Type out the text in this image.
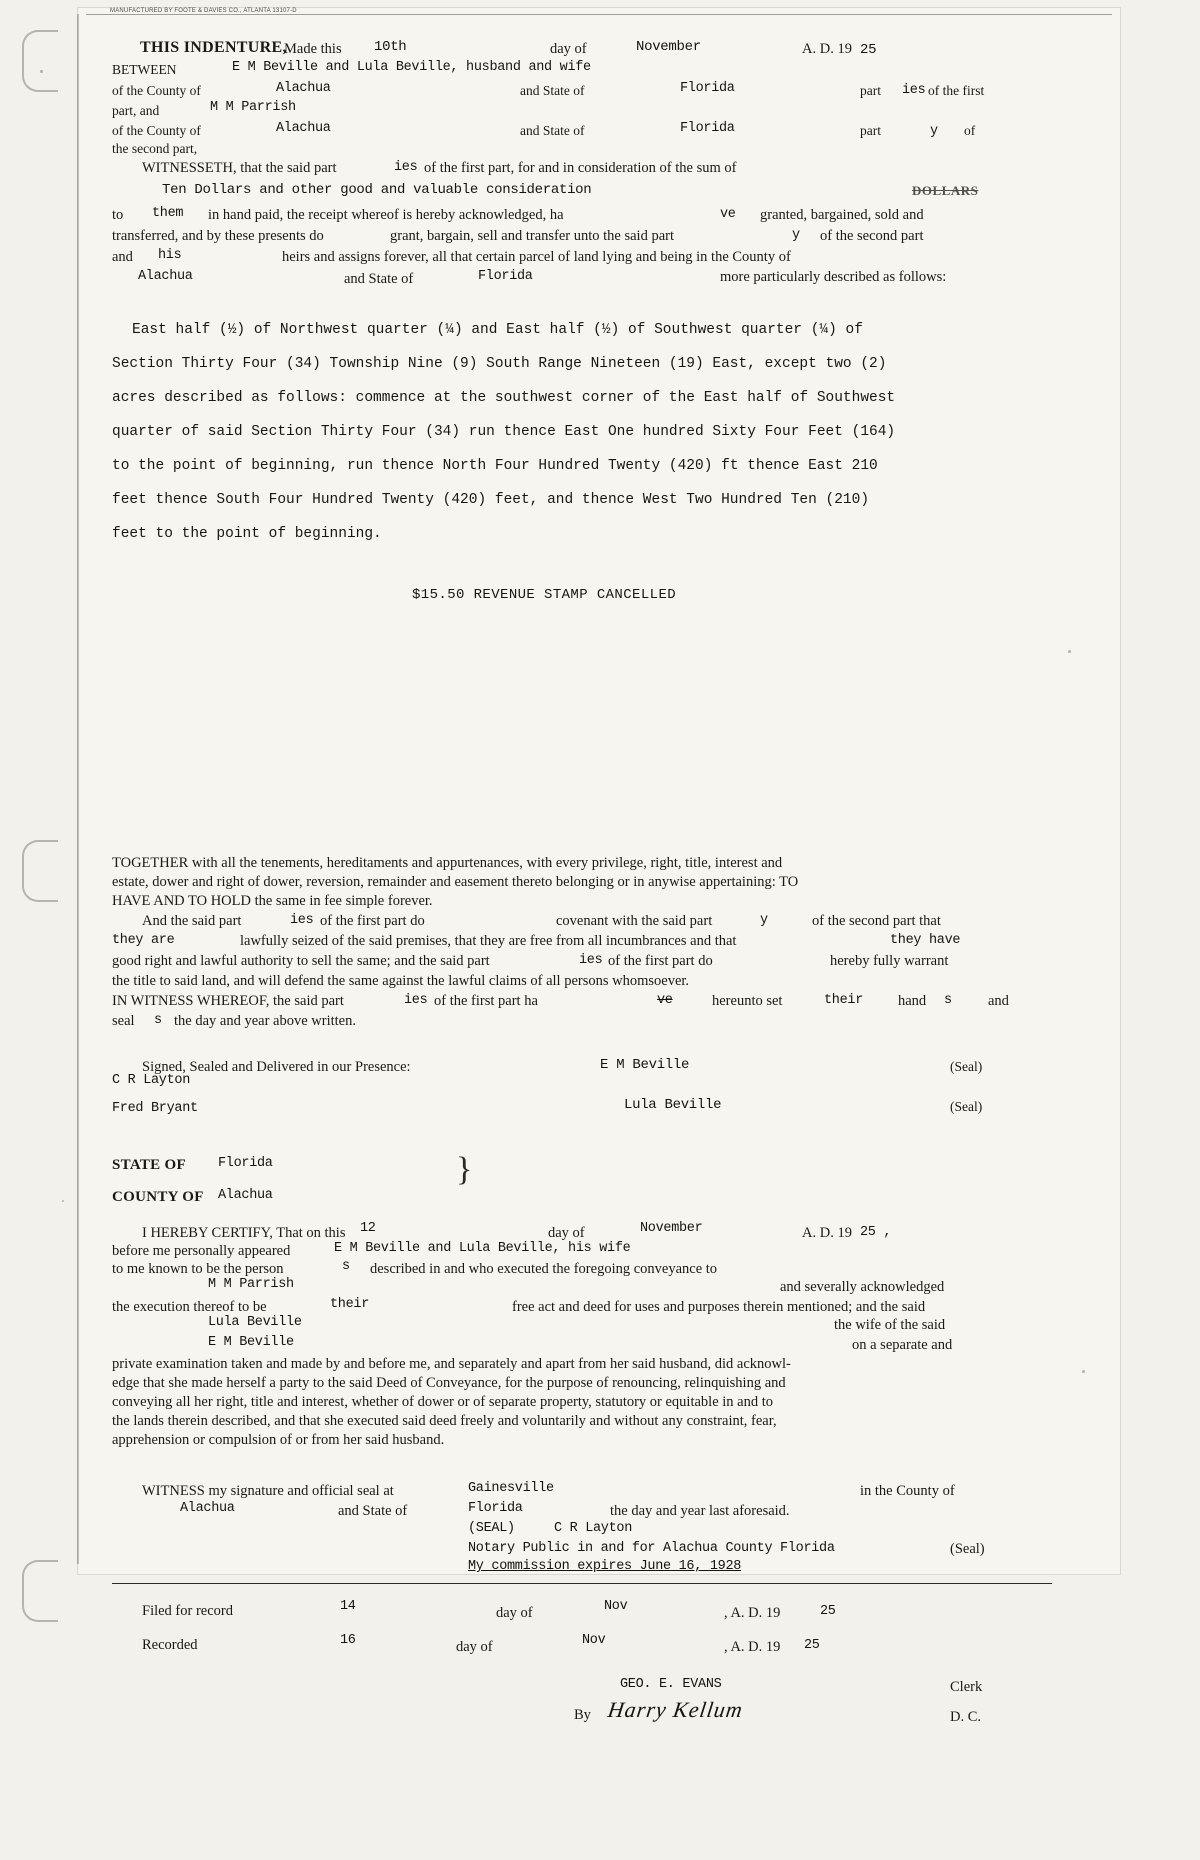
MANUFACTURED BY FOOTE & DAVIES CO., ATLANTA 13107-D
THIS INDENTURE,
Made this 10th	day of	November	A. D. 19 25
BETWEEN	E M Beville and Lula Beville, husband and wife
of the County of	Alachua	and State of	Florida	part ies of the first
part, and	M M Parrish
of the County of	Alachua	and State of	Florida	part	y of
the second part,
WITNESSETH, that the said part	ies of the first part, for and in consideration of the sum of
Ten Dollars and other good and valuable consideration	DOLLARS
to them in hand paid, the receipt whereof is hereby acknowledged, ha	ve granted, bargained, sold and
transferred, and by these presents do	grant, bargain, sell and transfer unto the said part	y of the second part
and his	heirs and assigns forever, all that certain parcel of land lying and being in the County of
Alachua	and State of	Florida	more particularly described as follows:
East half (½) of Northwest quarter (¼) and East half (½) of Southwest quarter (¼) of
Section Thirty Four (34) Township Nine (9) South Range Nineteen (19) East, except two (2)
acres described as follows: commence at the southwest corner of the East half of Southwest
quarter of said Section Thirty Four (34) run thence East One hundred Sixty Four Feet (164)
to the point of beginning, run thence North Four Hundred Twenty (420) ft thence East 210
feet thence South Four Hundred Twenty (420) feet, and thence West Two Hundred Ten (210)
feet to the point of beginning.
$15.50 REVENUE STAMP CANCELLED
TOGETHER with all the tenements, hereditaments and appurtenances, with every privilege, right, title, interest and
estate, dower and right of dower, reversion, remainder and easement thereto belonging or in anywise appertaining: TO
HAVE AND TO HOLD the same in fee simple forever.
And the said part	ies of the first part do	covenant with the said part	y	of the second part that
they are	lawfully seized of the said premises, that they are free from all incumbrances and that	they have
good right and lawful authority to sell the same; and the said part	ies of the first part do	hereby fully warrant
the title to said land, and will defend the same against the lawful claims of all persons whomsoever.
IN WITNESS WHEREOF, the said part	ies of the first part ha	ve	hereunto set	their hand s and
seal s the day and year above written.
Signed, Sealed and Delivered in our Presence:
C R Layton
Fred Bryant
E M Beville	(Seal)
Lula Beville	(Seal)
STATE OF Florida
COUNTY OF Alachua
}
I HEREBY CERTIFY, That on this 12	day of	November	A. D. 19 25 ,
before me personally appeared	E M Beville and Lula Beville, his wife
to me known to be the person	s described in and who executed the foregoing conveyance to
M M Parrish	and severally acknowledged
the execution thereof to be	their	free act and deed for uses and purposes therein mentioned; and the said
Lula Beville	the wife of the said
E M Beville	on a separate and
private examination taken and made by and before me, and separately and apart from her said husband, did acknowl-
edge that she made herself a party to the said Deed of Conveyance, for the purpose of renouncing, relinquishing and
conveying all her right, title and interest, whether of dower or of separate property, statutory or equitable in and to
the lands therein described, and that she executed said deed freely and voluntarily and without any constraint, fear,
apprehension or compulsion of or from her said husband.
WITNESS my signature and official seal at	Gainesville	in the County of
Alachua	and State of	Florida	the day and year last aforesaid.
(SEAL)	C R Layton
Notary Public in and for Alachua County Florida	(Seal)
My commission expires June 16, 1928
Filed for record	14	day of	Nov	, A. D. 19	25
Recorded	16	day of	Nov	, A. D. 19 25
GEO. E. EVANS	Clerk
By Harry Kellum	D. C.
